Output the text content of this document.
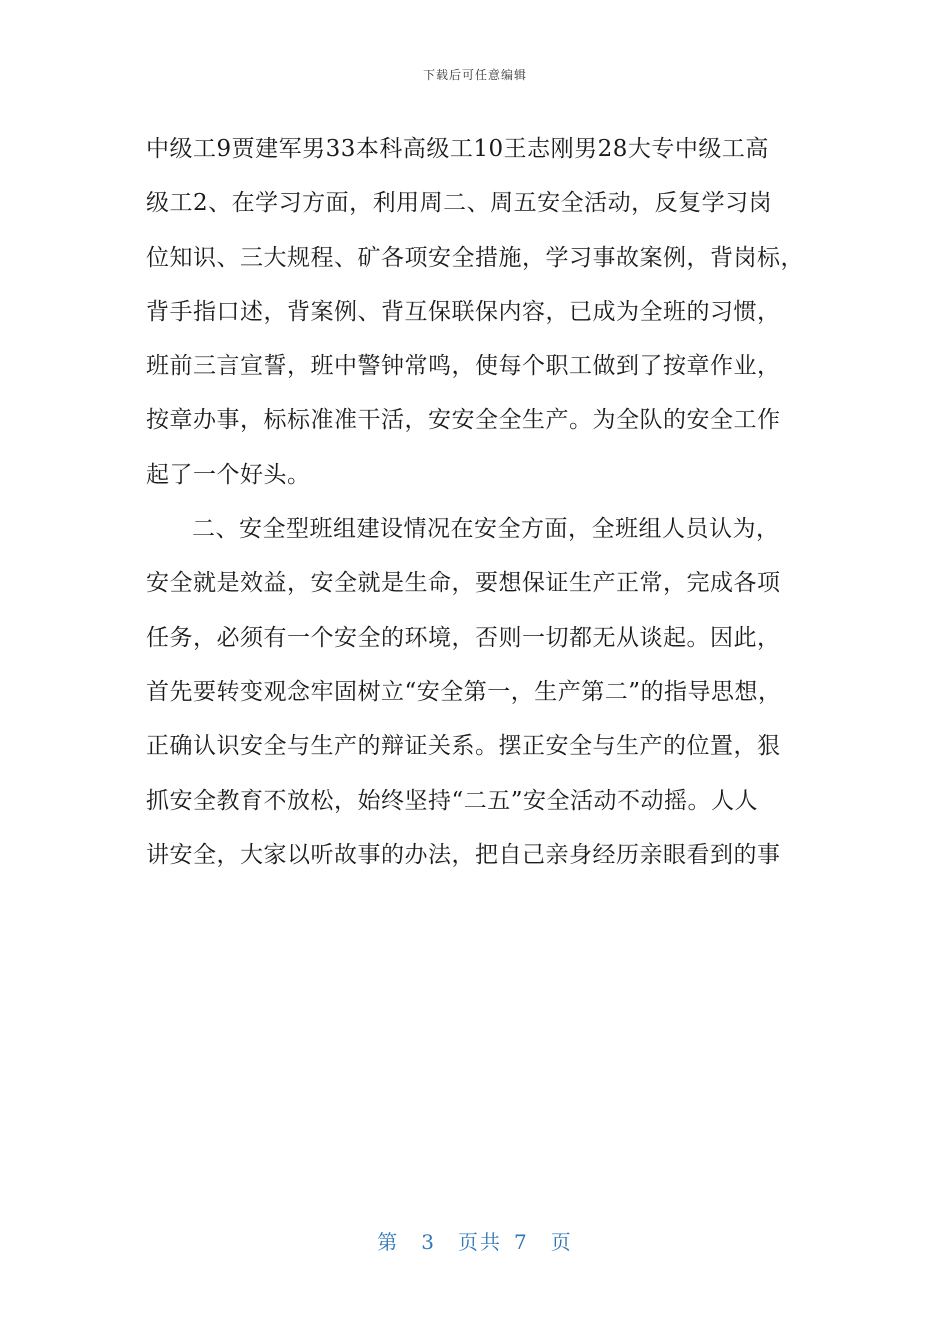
下载后可任意编辑
中级工9贾建军男33本科高级工10王志刚男28大专中级工高
级工2、在学习方面，利用周二、周五安全活动，反复学习岗
位知识、三大规程、矿各项安全措施，学习事故案例，背岗标，
背手指口述，背案例、背互保联保内容，已成为全班的习惯，
班前三言宣誓，班中警钟常鸣，使每个职工做到了按章作业，
按章办事，标标准准干活，安安全全生产。为全队的安全工作
起了一个好头。
二、安全型班组建设情况在安全方面，全班组人员认为，
安全就是效益，安全就是生命，要想保证生产正常，完成各项
任务，必须有一个安全的环境，否则一切都无从谈起。因此，
首先要转变观念牢固树立“安全第一，生产第二”的指导思想，
正确认识安全与生产的辩证关系。摆正安全与生产的位置，狠
抓安全教育不放松，始终坚持“二五”安全活动不动摇。人人
讲安全，大家以听故事的办法，把自己亲身经历亲眼看到的事
第 3 页共 7 页
